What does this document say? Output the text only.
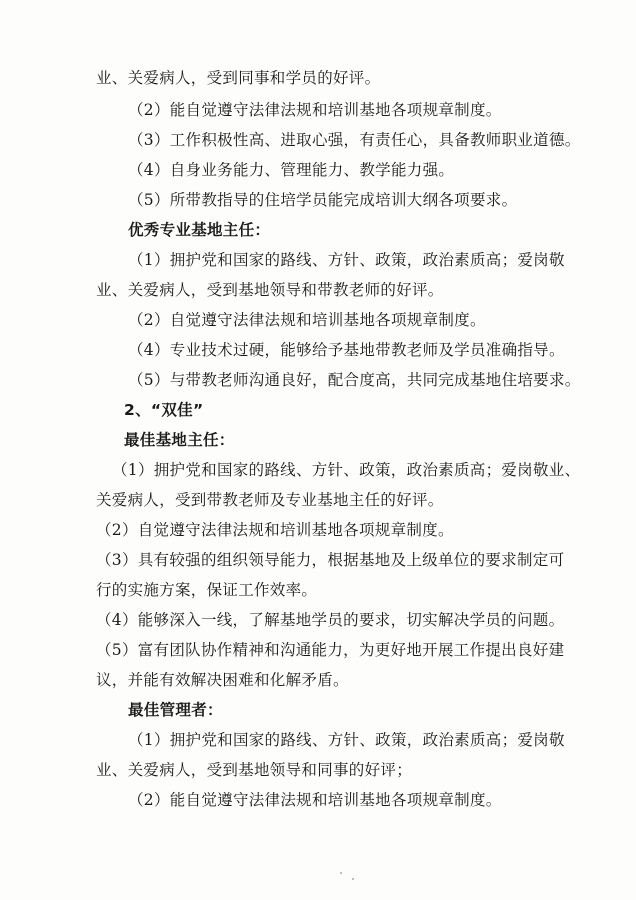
业、关爱病人，受到同事和学员的好评。
（2）能自觉遵守法律法规和培训基地各项规章制度。
（3）工作积极性高、进取心强，有责任心，具备教师职业道德。
（4）自身业务能力、管理能力、教学能力强。
（5）所带教指导的住培学员能完成培训大纲各项要求。
优秀专业基地主任：
（1）拥护党和国家的路线、方针、政策，政治素质高；爱岗敬
业、关爱病人，受到基地领导和带教老师的好评。
（2）自觉遵守法律法规和培训基地各项规章制度。
（4）专业技术过硬，能够给予基地带教老师及学员准确指导。
（5）与带教老师沟通良好，配合度高，共同完成基地住培要求。
2、“双佳”
最佳基地主任：
（1）拥护党和国家的路线、方针、政策，政治素质高；爱岗敬业、
关爱病人，受到带教老师及专业基地主任的好评。
（2）自觉遵守法律法规和培训基地各项规章制度。
（3）具有较强的组织领导能力，根据基地及上级单位的要求制定可
行的实施方案，保证工作效率。
（4）能够深入一线，了解基地学员的要求，切实解决学员的问题。
（5）富有团队协作精神和沟通能力，为更好地开展工作提出良好建
议，并能有效解决困难和化解矛盾。
最佳管理者：
（1）拥护党和国家的路线、方针、政策，政治素质高；爱岗敬
业、关爱病人，受到基地领导和同事的好评；
（2）能自觉遵守法律法规和培训基地各项规章制度。
